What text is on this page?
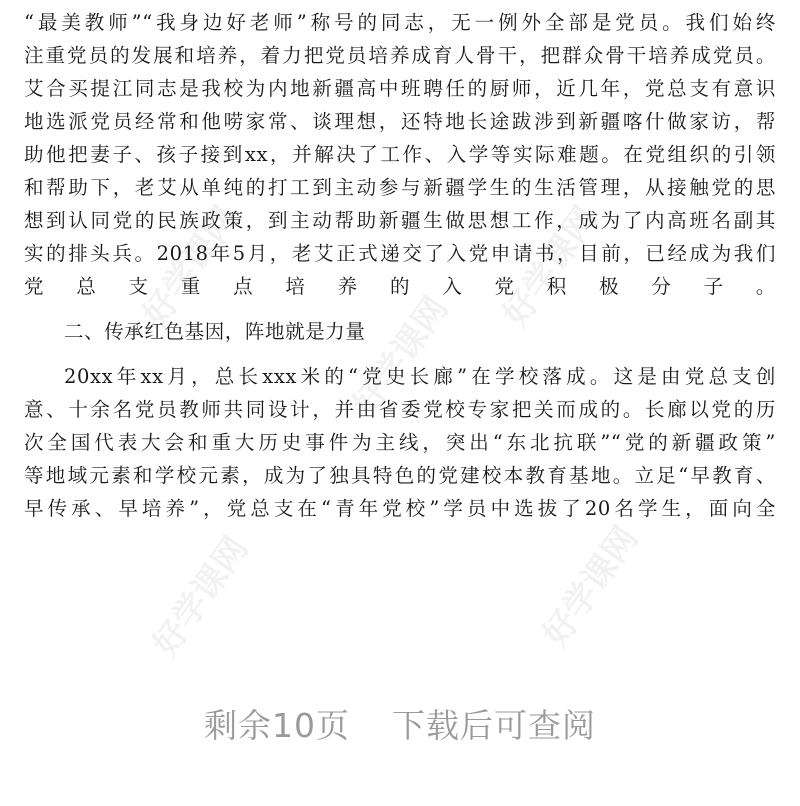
好学课网	好学课网
好学课网
好学课网	好学课网
“最美教师”“我身边好老师”称号的同志，无一例外全部是党员。我们始终
注重党员的发展和培养，着力把党员培养成育人骨干，把群众骨干培养成党员。
艾合买提江同志是我校为内地新疆高中班聘任的厨师，近几年，党总支有意识
地选派党员经常和他唠家常、谈理想，还特地长途跋涉到新疆喀什做家访，帮
助他把妻子、孩子接到xx，并解决了工作、入学等实际难题。在党组织的引领
和帮助下，老艾从单纯的打工到主动参与新疆学生的生活管理，从接触党的思
想到认同党的民族政策，到主动帮助新疆生做思想工作，成为了内高班名副其
实的排头兵。2018年5月，老艾正式递交了入党申请书，目前，已经成为我们
党总支重点培养的入党积极分子。
二、传承红色基因，阵地就是力量
20xx年xx月，总长xxx米的“党史长廊”在学校落成。这是由党总支创
意、十余名党员教师共同设计，并由省委党校专家把关而成的。长廊以党的历
次全国代表大会和重大历史事件为主线，突出“东北抗联”“党的新疆政策”
等地域元素和学校元素，成为了独具特色的党建校本教育基地。立足“早教育、
早传承、早培养”，党总支在“青年党校”学员中选拔了20名学生，面向全
剩余10页 下载后可查阅
